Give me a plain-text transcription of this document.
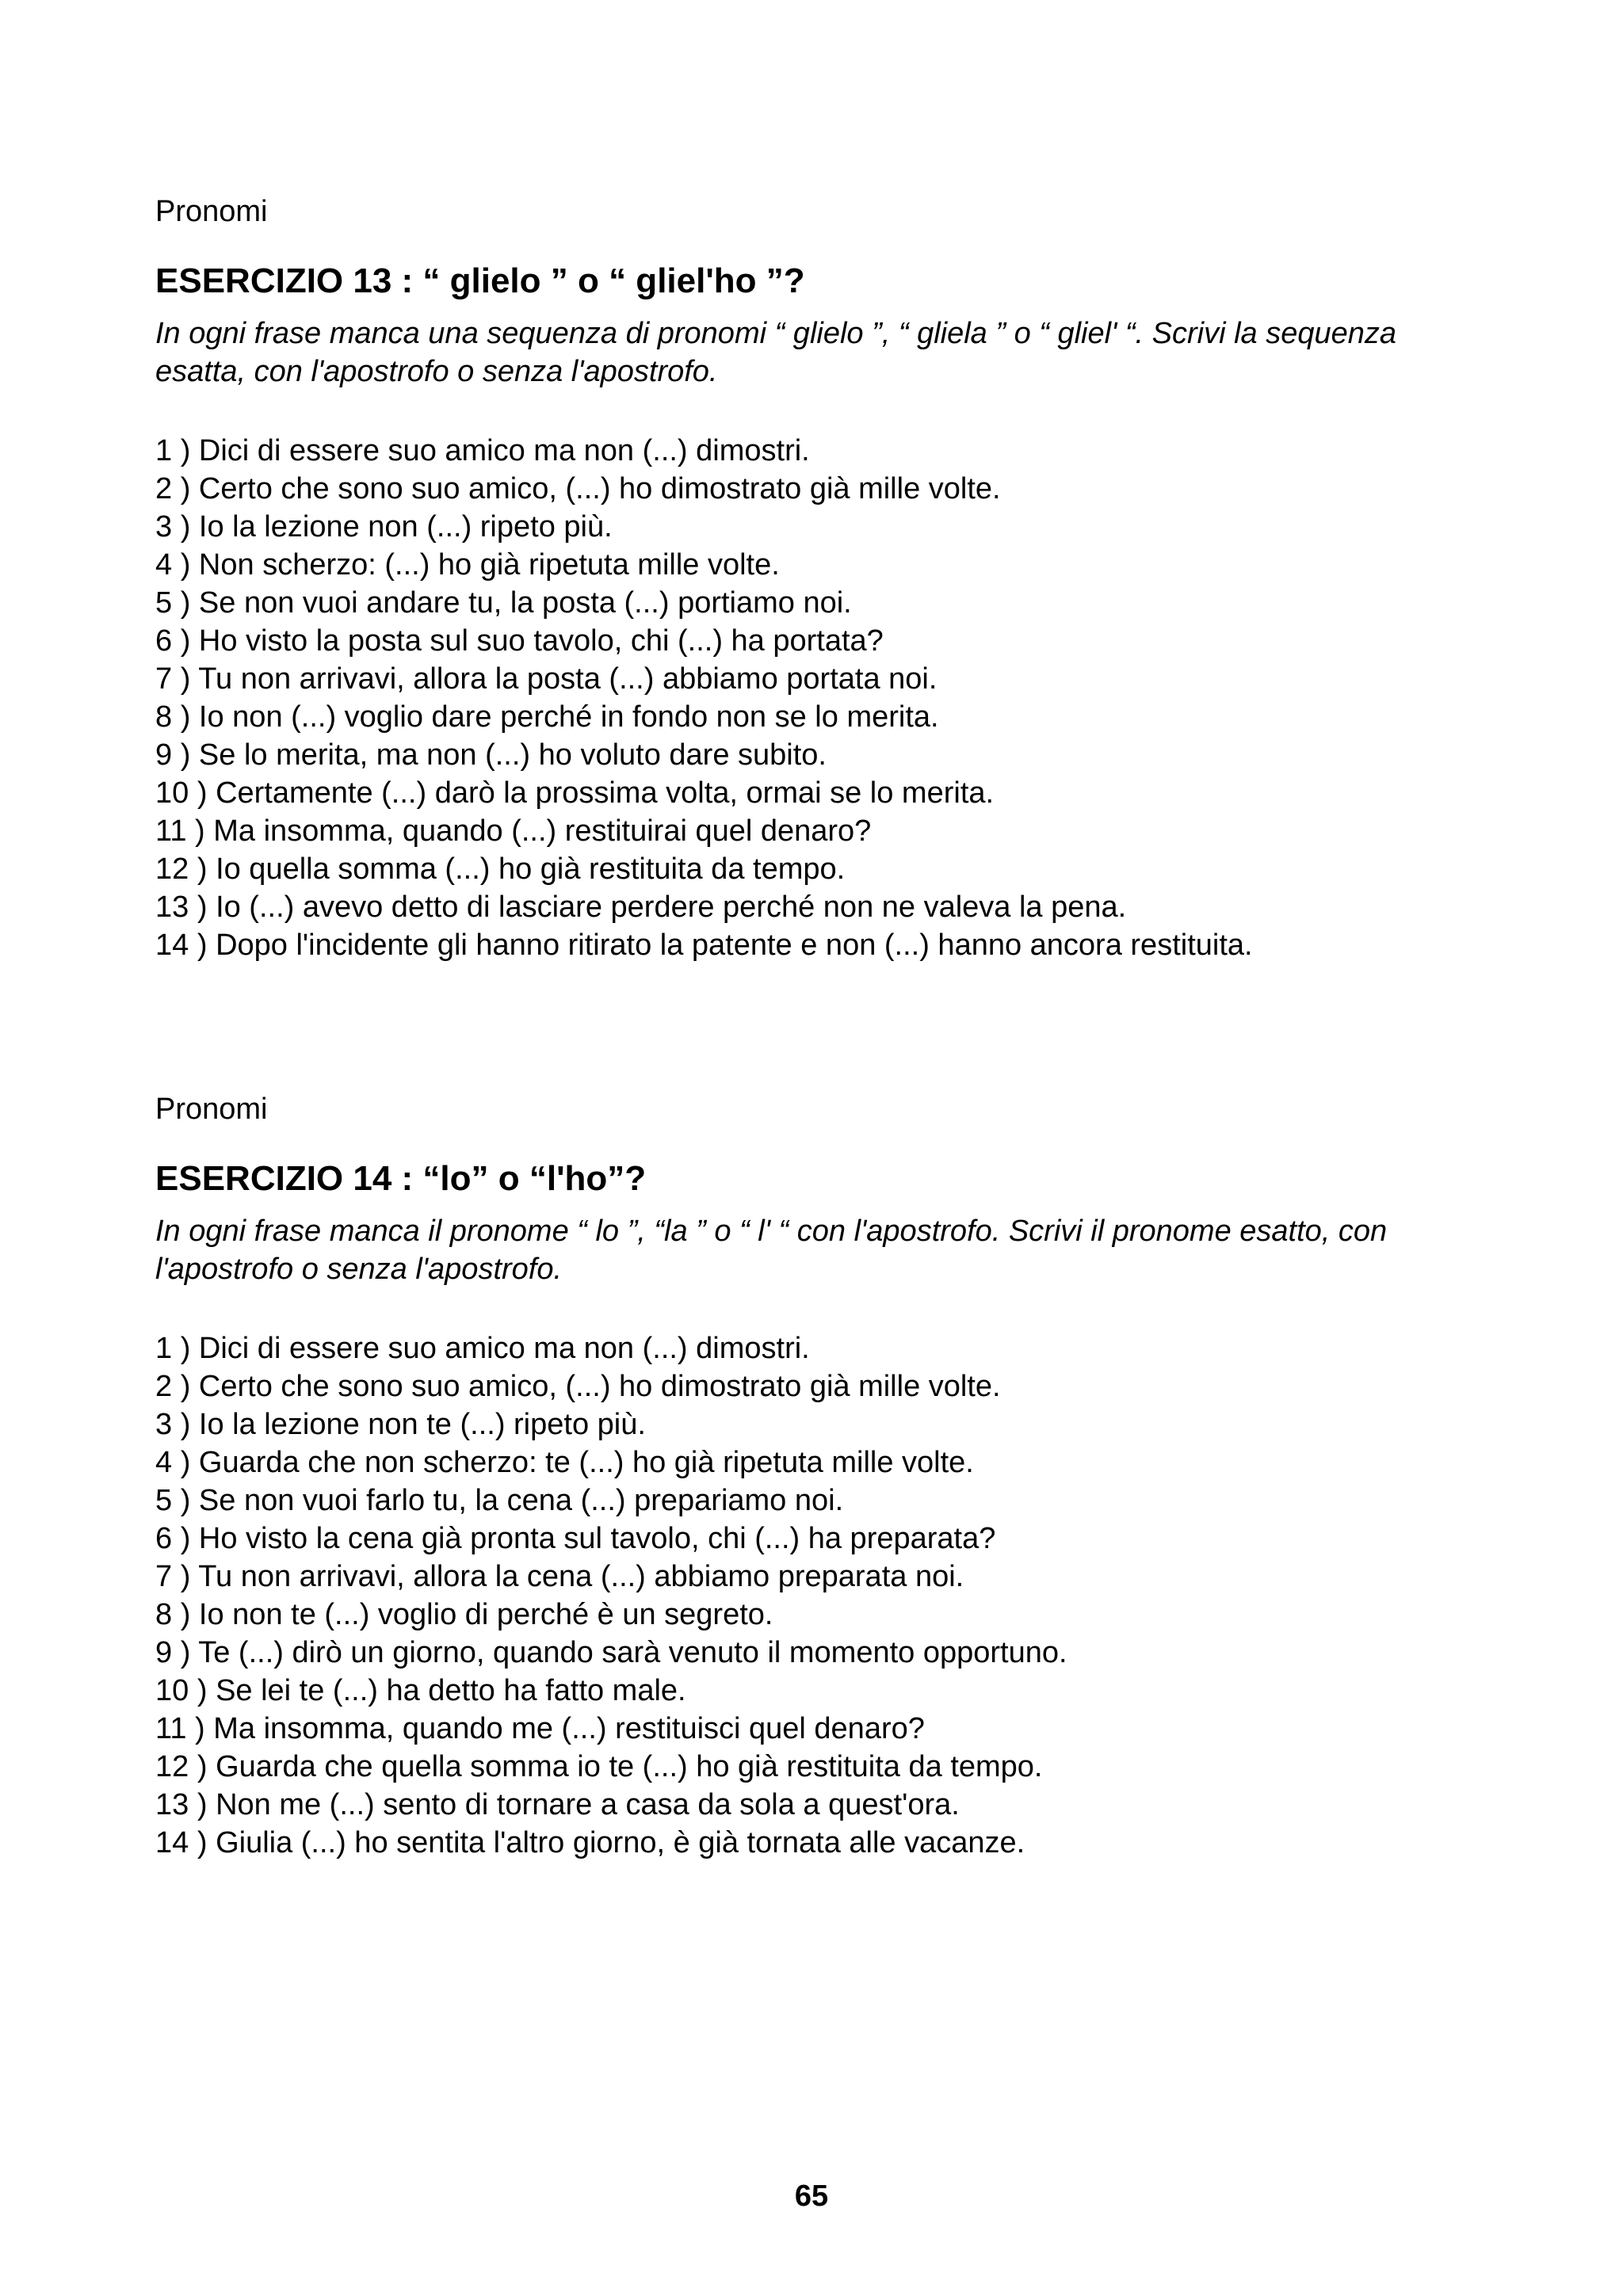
Pronomi

ESERCIZIO 13 : “ glielo ” o “ gliel'ho ”?

In ogni frase manca una sequenza di pronomi “ glielo ”, “ gliela ” o “ gliel' “. Scrivi la sequenza esatta, con l'apostrofo o senza l'apostrofo.

1 ) Dici di essere suo amico ma non (...) dimostri.
2 ) Certo che sono suo amico, (...) ho dimostrato già mille volte.
3 ) Io la lezione non (...) ripeto più.
4 ) Non scherzo: (...) ho già ripetuta mille volte.
5 ) Se non vuoi andare tu, la posta (...) portiamo noi.
6 ) Ho visto la posta sul suo tavolo, chi (...) ha portata?
7 ) Tu non arrivavi, allora la posta (...) abbiamo portata noi.
8 ) Io non (...) voglio dare perché in fondo non se lo merita.
9 ) Se lo merita, ma non (...) ho voluto dare subito.
10 ) Certamente (...) darò la prossima volta, ormai se lo merita.
11 ) Ma insomma, quando (...) restituirai quel denaro?
12 ) Io quella somma (...) ho già restituita da tempo.
13 ) Io (...) avevo detto di lasciare perdere perché non ne valeva la pena.
14 ) Dopo l'incidente gli hanno ritirato la patente e non (...) hanno ancora restituita.

Pronomi

ESERCIZIO 14 : “lo” o “l'ho”?

In ogni frase manca il pronome “ lo ”, “la ” o “ l' “ con l'apostrofo. Scrivi il pronome esatto, con l'apostrofo o senza l'apostrofo.

1 ) Dici di essere suo amico ma non (...) dimostri.
2 ) Certo che sono suo amico, (...) ho dimostrato già mille volte.
3 ) Io la lezione non te (...) ripeto più.
4 ) Guarda che non scherzo: te (...) ho già ripetuta mille volte.
5 ) Se non vuoi farlo tu, la cena (...) prepariamo noi.
6 ) Ho visto la cena già pronta sul tavolo, chi (...) ha preparata?
7 ) Tu non arrivavi, allora la cena (...) abbiamo preparata noi.
8 ) Io non te (...) voglio di perché è un segreto.
9 ) Te (...) dirò un giorno, quando sarà venuto il momento opportuno.
10 ) Se lei te (...) ha detto ha fatto male.
11 ) Ma insomma, quando me (...) restituisci quel denaro?
12 ) Guarda che quella somma io te (...) ho già restituita da tempo.
13 ) Non me (...) sento di tornare a casa da sola a quest'ora.
14 ) Giulia (...) ho sentita l'altro giorno, è già tornata alle vacanze.
65
